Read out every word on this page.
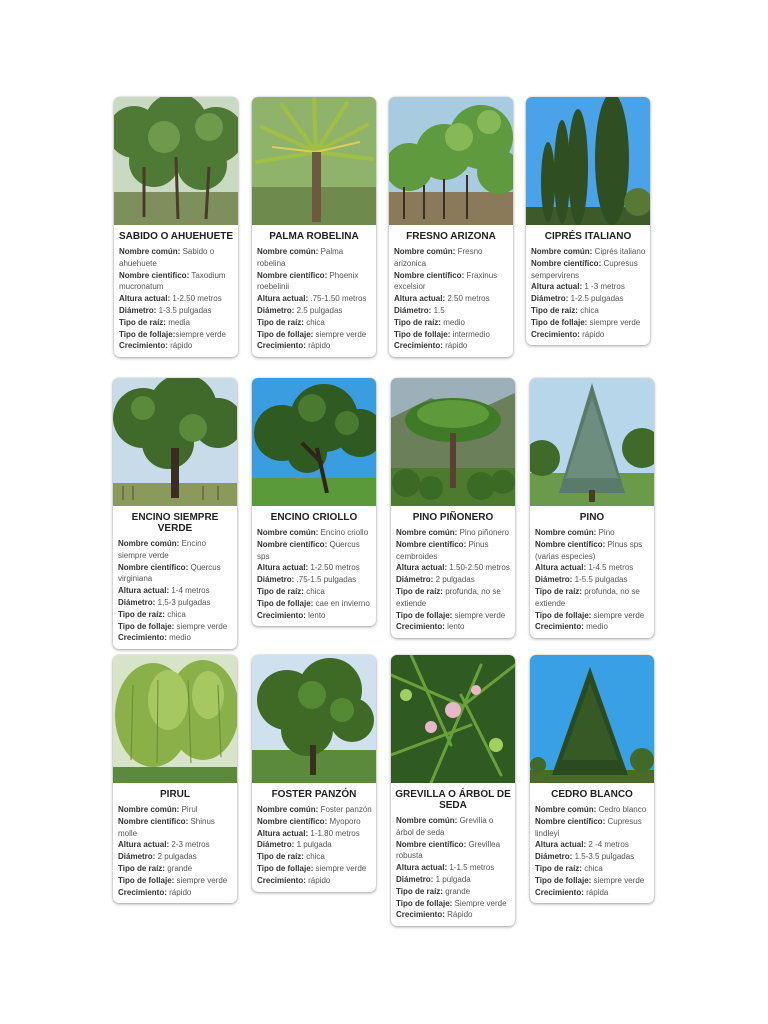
SABIDO O AHUEHUETE
Nombre común: Sabido o ahuehuete
Nombre cientifico: Taxodium mucronatum
Altura actual: 1-2.50 metros
Diámetro: 1-3.5 pulgadas
Tipo de raíz: media
Tipo de follaje:siempre verde
Crecimiento: rápido
PALMA ROBELINA
Nombre común: Palma robelina
Nombre científico: Phoenix roebelinii
Altura actual: .75-1.50 metros
Diámetro: 2.5 pulgadas
Tipo de raíz: chica
Tipo de follaje: siempre verde
Crecimiento: rápido
FRESNO ARIZONA
Nombre común: Fresno arizonica
Nombre científico: Fraxinus excelsior
Altura actual: 2.50 metros
Diámetro: 1.5
Tipo de raíz: medio
Tipo de follaje: intermedio
Crecimiento: rápido
CIPRÉS ITALIANO
Nombre común: Ciprés italiano
Nombre científico: Cupresus sempervirens
Altura actual: 1 -3 metros
Diámetro: 1-2.5 pulgadas
Tipo de raíz: chica
Tipo de follaje: siempre verde
Crecimiento: rápido
ENCINO SIEMPRE VERDE
Nombre común: Encino siempre verde
Nombre científico: Quercus virginiana
Altura actual: 1-4 metros
Diámetro: 1,5-3 pulgadas
Tipo de raíz: chica
Tipo de follaje: siempre verde
Crecimiento: medio
ENCINO CRIOLLO
Nombre común: Encino criollo
Nombre científico: Quercus sps
Altura actual: 1-2.50 metros
Diámetro: .75-1.5 pulgadas
Tipo de raíz: chica
Tipo de follaje: cae en invierno
Crecimiento: lento
PINO PIÑONERO
Nombre común: Pino piñonero
Nombre científico: Pinus cembroides
Altura actual: 1.50-2.50 metros
Diámetro: 2 pulgadas
Tipo de raíz: profunda, no se extiende
Tipo de follaje: siempre verde
Crecimiento: lento
PINO
Nombre común: Pino
Nombre científico: Pinus sps (varias especies)
Altura actual: 1-4.5 metros
Diámetro: 1-5.5 pulgadas
Tipo de raíz: profunda, no se extiende
Tipo de follaje: siempre verde
Crecimiento: medio
PIRUL
Nombre común: Pirul
Nombre científico: Shinus molle
Altura actual: 2-3 metros
Diámetro: 2 pulgadas
Tipo de raíz: grande
Tipo de follaje: siempre verde
Crecimiento: rápido
FOSTER PANZÓN
Nombre común: Foster panzón
Nombre científico: Myoporo
Altura actual: 1-1.80 metros
Diámetro: 1 pulgada
Tipo de raíz: chica
Tipo de follaje: siempre verde
Crecimiento: rápido
GREVILLA O ÁRBOL DE SEDA
Nombre común: Grevilia o árbol de seda
Nombre científico: Grevillea robusta
Altura actual: 1-1.5 metros
Diámetro: 1 pulgada
Tipo de raíz: grande
Tipo de follaje: Siempre verde
Crecimiento: Rápido
CEDRO BLANCO
Nombre común: Cedro blanco
Nombre científico: Cupresus lindleyi
Altura actual: 2 -4 metros
Diámetro: 1.5-3.5 pulgadas
Tipo de raíz: chica
Tipo de follaje: siempre verde
Crecimiento: rápida
